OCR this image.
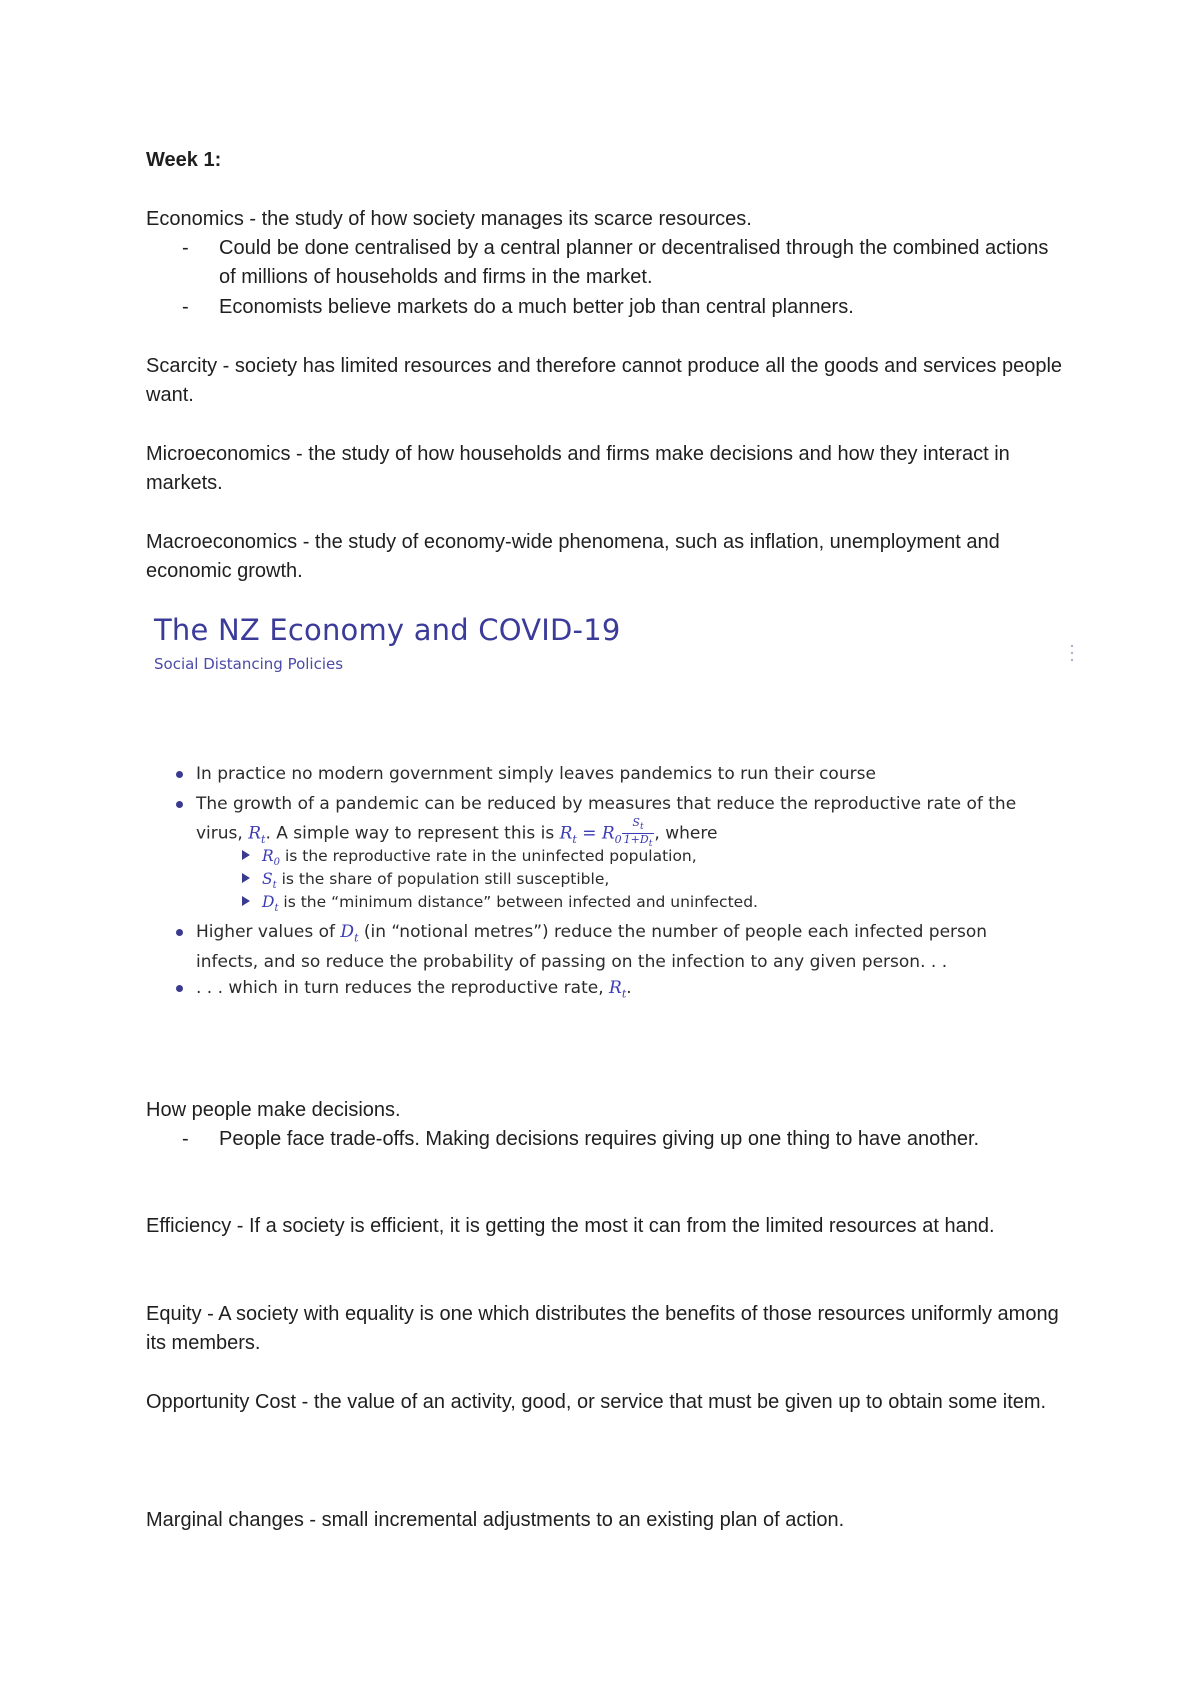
Week 1:

Economics - the study of how society manages its scarce resources.

- Could be done centralised by a central planner or decentralised through the combined actions of millions of households and firms in the market.
- Economists believe markets do a much better job than central planners.

Scarcity - society has limited resources and therefore cannot produce all the goods and services people want.

Microeconomics - the study of how households and firms make decisions and how they interact in markets.

Macroeconomics - the study of economy-wide phenomena, such as inflation, unemployment and economic growth.

How people make decisions.

- People face trade-offs. Making decisions requires giving up one thing to have another.

Efficiency - If a society is efficient, it is getting the most it can from the limited resources at hand.

Equity - A society with equality is one which distributes the benefits of those resources uniformly among its members.

Opportunity Cost - the value of an activity, good, or service that must be given up to obtain some item.

Marginal changes - small incremental adjustments to an existing plan of action.

The NZ Economy and COVID-19
Social Distancing Policies
In practice no modern government simply leaves pandemics to run their course
The growth of a pandemic can be reduced by measures that reduce the reproductive rate of the
virus, $R_t$. A simple way to represent this is $R_t = R_0 \frac{S_t}{1+D_t}$ , where
$R_0$ is the reproductive rate in the uninfected population,
$S_t$ is the share of population still susceptible,
$D_t$ is the “minimum distance” between infected and uninfected.
Higher values of $D_t$ (in “notional metres”) reduce the number of people each infected person
infects, and so reduce the probability of passing on the infection to any given person. . .
. . . which in turn reduces the reproductive rate, $R_t$.
